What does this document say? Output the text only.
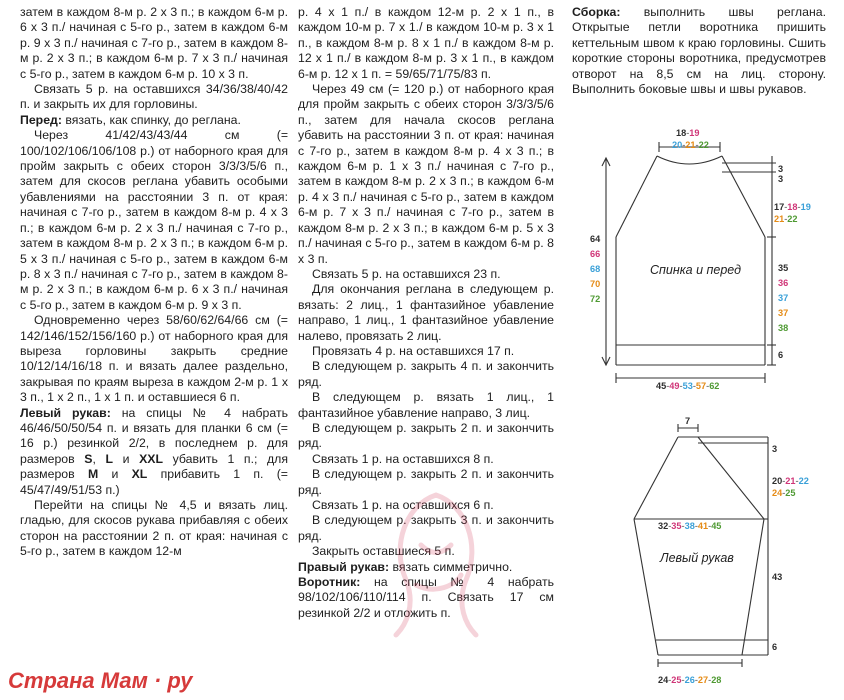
затем в каждом 8-м р. 2 х 3 п.; в каждом 6-м р. 6 х 3 п./ начиная с 5-го р., затем в каждом 6-м р. 9 х 3 п./ начиная с 7-го р., затем в каждом 8-м р. 2 х 3 п.; в каждом 6-м р. 7 х 3 п./ начиная с 5-го р., затем в каждом 6-м р. 10 х 3 п.

Связать 5 р. на оставшихся 34/36/38/40/42 п. и закрыть их для горловины.

Перед: вязать, как спинку, до реглана.

Через 41/42/43/43/44 см (= 100/102/106/106/108 р.) от наборного края для пройм закрыть с обеих сторон 3/3/3/5/6 п., затем для скосов реглана убавить особыми убавлениями на расстоянии 3 п. от края: начиная с 7-го р., затем в каждом 8-м р. 4 х 3 п.; в каждом 6-м р. 2 х 3 п./ начиная с 7-го р., затем в каждом 8-м р. 2 х 3 п.; в каждом 6-м р. 5 х 3 п./ начиная с 5-го р., затем в каждом 6-м р. 8 х 3 п./ начиная с 7-го р., затем в каждом 8-м р. 2 х 3 п.; в каждом 6-м р. 6 х 3 п./ начиная с 5-го р., затем в каждом 6-м р. 9 х 3 п.

Одновременно через 58/60/62/64/66 см (= 142/146/152/156/160 р.) от наборного края для выреза горловины закрыть средние 10/12/14/16/18 п. и вязать далее раздельно, закрывая по краям выреза в каждом 2-м р. 1 х 3 п., 1 х 2 п., 1 х 1 п. и оставшиеся 6 п.

Левый рукав: на спицы № 4 набрать 46/46/50/50/54 п. и вязать для планки 6 см (= 16 р.) резинкой 2/2, в последнем р. для размеров S, L и XXL убавить 1 п.; для размеров M и XL прибавить 1 п. (= 45/47/49/51/53 п.)

Перейти на спицы № 4,5 и вязать лиц. гладью, для скосов рукава прибавляя с обеих сторон на расстоянии 2 п. от края: начиная с 5-го р., затем в каждом 12-м

р. 4 х 1 п./ в каждом 12-м р. 2 х 1 п., в каждом 10-м р. 7 х 1./ в каждом 10-м р. 3 х 1 п., в каждом 8-м р. 8 х 1 п./ в каждом 8-м р. 12 х 1 п./ в каждом 8-м р. 3 х 1 п., в каждом 6-м р. 12 х 1 п. = 59/65/71/75/83 п.

Через 49 см (= 120 р.) от наборного края для пройм закрыть с обеих сторон 3/3/3/5/6 п., затем для начала скосов реглана убавить на расстоянии 3 п. от края: начиная с 7-го р., затем в каждом 8-м р. 4 х 3 п.; в каждом 6-м р. 1 х 3 п./ начиная с 7-го р., затем в каждом 8-м р. 2 х 3 п.; в каждом 6-м р. 4 х 3 п./ начиная с 5-го р., затем в каждом 6-м р. 7 х 3 п./ начиная с 7-го р., затем в каждом 8-м р. 2 х 3 п.; в каждом 6-м р. 5 х 3 п./ начиная с 5-го р., затем в каждом 6-м р. 8 х 3 п.

Связать 5 р. на оставшихся 23 п.

Для окончания реглана в следующем р. вязать: 2 лиц., 1 фантазийное убавление направо, 1 лиц., 1 фантазийное убавление налево, провязать 2 лиц.

Провязать 4 р. на оставшихся 17 п.

В следующем р. закрыть 4 п. и закончить ряд.

В следующем р. вязать 1 лиц., 1 фантазийное убавление направо, 3 лиц.

В следующем р. закрыть 2 п. и закончить ряд.

Связать 1 р. на оставшихся 8 п.

В следующем р. закрыть 2 п. и закончить ряд.

Связать 1 р. на оставшихся 6 п.

В следующем р. закрыть 3 п. и закончить ряд.

Закрыть оставшиеся 5 п.

Правый рукав: вязать симметрично.

Воротник: на спицы № 4 набрать 98/102/106/110/114 п. Связать 17 см резинкой 2/2 и отложить п.

Сборка: выполнить швы реглана. Открытые петли воротника пришить кеттельным швом к краю горловины. Сшить короткие стороны воротника, предусмотрев отворот на 8,5 см на лиц. сторону. Выполнить боковые швы и швы рукавов.

18-19
20-21-22
3
3
17-18-19
21-22
64
66
68
70
72
Спинка и перед	35
36
37
37
38
6
45-49-53-57-62
7
3
20-21-22
24-25
32-35-38-41-45
Левый рукав
43
6
24-25-26-27-28
Страна Мам · ру
